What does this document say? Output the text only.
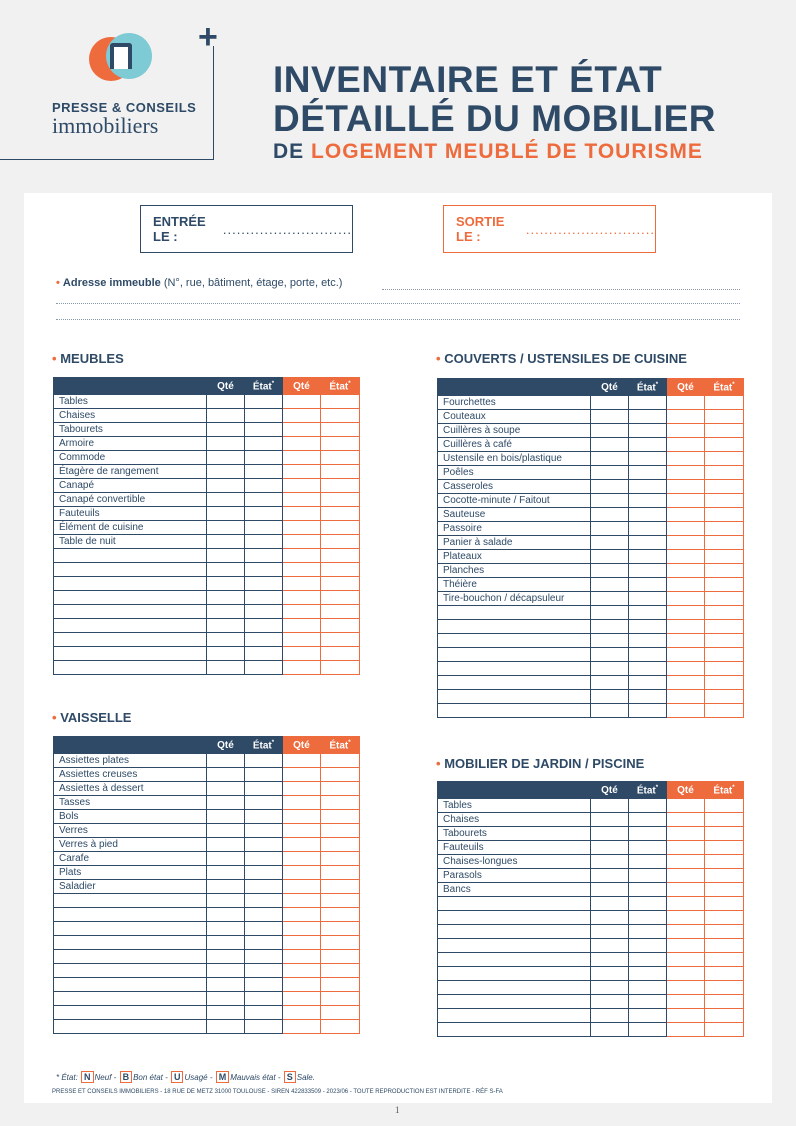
PRESSE & CONSEILS
immobiliers
+
INVENTAIRE ET ÉTAT
DÉTAILLÉ DU MOBILIER
DE LOGEMENT MEUBLÉ DE TOURISME
ENTRÉE LE :	............................	SORTIE LE :	............................
• Adresse immeuble (N°, rue, bâtiment, étage, porte, etc.)
• MEUBLES
• VAISSELLE
• COUVERTS / USTENSILES DE CUISINE
• MOBILIER DE JARDIN / PISCINE
	Qté	État*	Qté	État*
Tables				
Chaises				
Tabourets				
Armoire				
Commode				
Étagère de rangement				
Canapé				
Canapé convertible				
Fauteuils				
Élément de cuisine				
Table de nuit				

	Qté	État*	Qté	État*
Assiettes plates				
Assiettes creuses				
Assiettes à dessert				
Tasses				
Bols				
Verres				
Verres à pied				
Carafe				
Plats				
Saladier				

	Qté	État*	Qté	État*
Fourchettes				
Couteaux				
Cuillères à soupe				
Cuillères à café				
Ustensile en bois/plastique				
Poêles				
Casseroles				
Cocotte-minute / Faitout				
Sauteuse				
Passoire				
Panier à salade				
Plateaux				
Planches				
Théière				
Tire-bouchon / décapsuleur				

	Qté	État*	Qté	État*
Tables				
Chaises				
Tabourets				
Fauteuils				
Chaises-longues				
Parasols				
Bancs				

* État: N Neuf - B Bon état - U Usagé - M Mauvais état - S Sale.
PRESSE ET CONSEILS IMMOBILIERS - 18 RUE DE METZ 31000 TOULOUSE - SIREN 422833509 - 2023/06 - TOUTE REPRODUCTION EST INTERDITE - RÉF S-FA
1
